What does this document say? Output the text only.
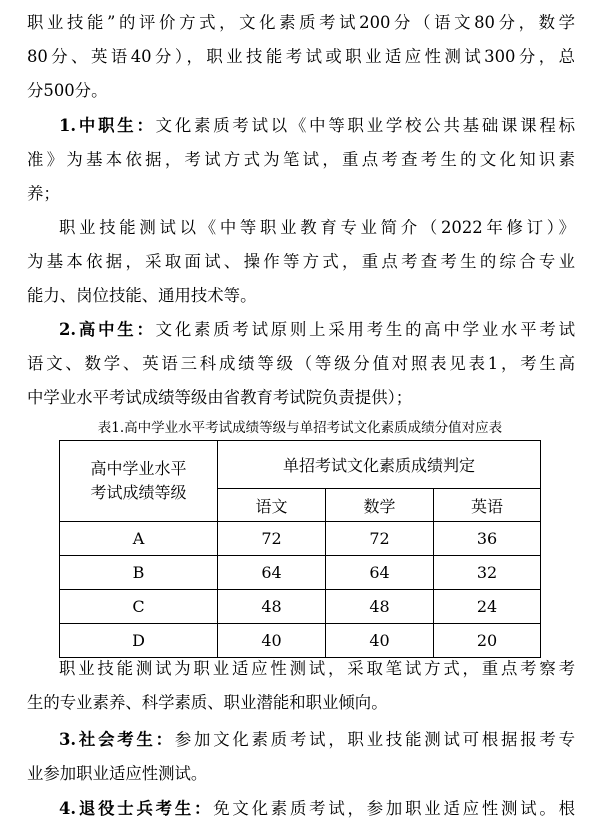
职业技能”的评价方式，文化素质考试200分（语文80分，数学
80分、英语40分），职业技能考试或职业适应性测试300分，总
分500分。
1.中职生：文化素质考试以《中等职业学校公共基础课课程标
准》为基本依据，考试方式为笔试，重点考查考生的文化知识素
养；
职业技能测试以《中等职业教育专业简介（2022年修订）》
为基本依据，采取面试、操作等方式，重点考查考生的综合专业
能力、岗位技能、通用技术等。
2.高中生：文化素质考试原则上采用考生的高中学业水平考试
语文、数学、英语三科成绩等级（等级分值对照表见表1，考生高
中学业水平考试成绩等级由省教育考试院负责提供）；
表1.高中学业水平考试成绩等级与单招考试文化素质成绩分值对应表
高中学业水平
考试成绩等级	单招考试文化素质成绩判定		
	语文	数学	英语
A	72	72	36
B	64	64	32
C	48	48	24
D	40	40	20
职业技能测试为职业适应性测试，采取笔试方式，重点考察考
生的专业素养、科学素质、职业潜能和职业倾向。
3.社会考生：参加文化素质考试，职业技能测试可根据报考专
业参加职业适应性测试。
4.退役士兵考生：免文化素质考试，参加职业适应性测试。根
